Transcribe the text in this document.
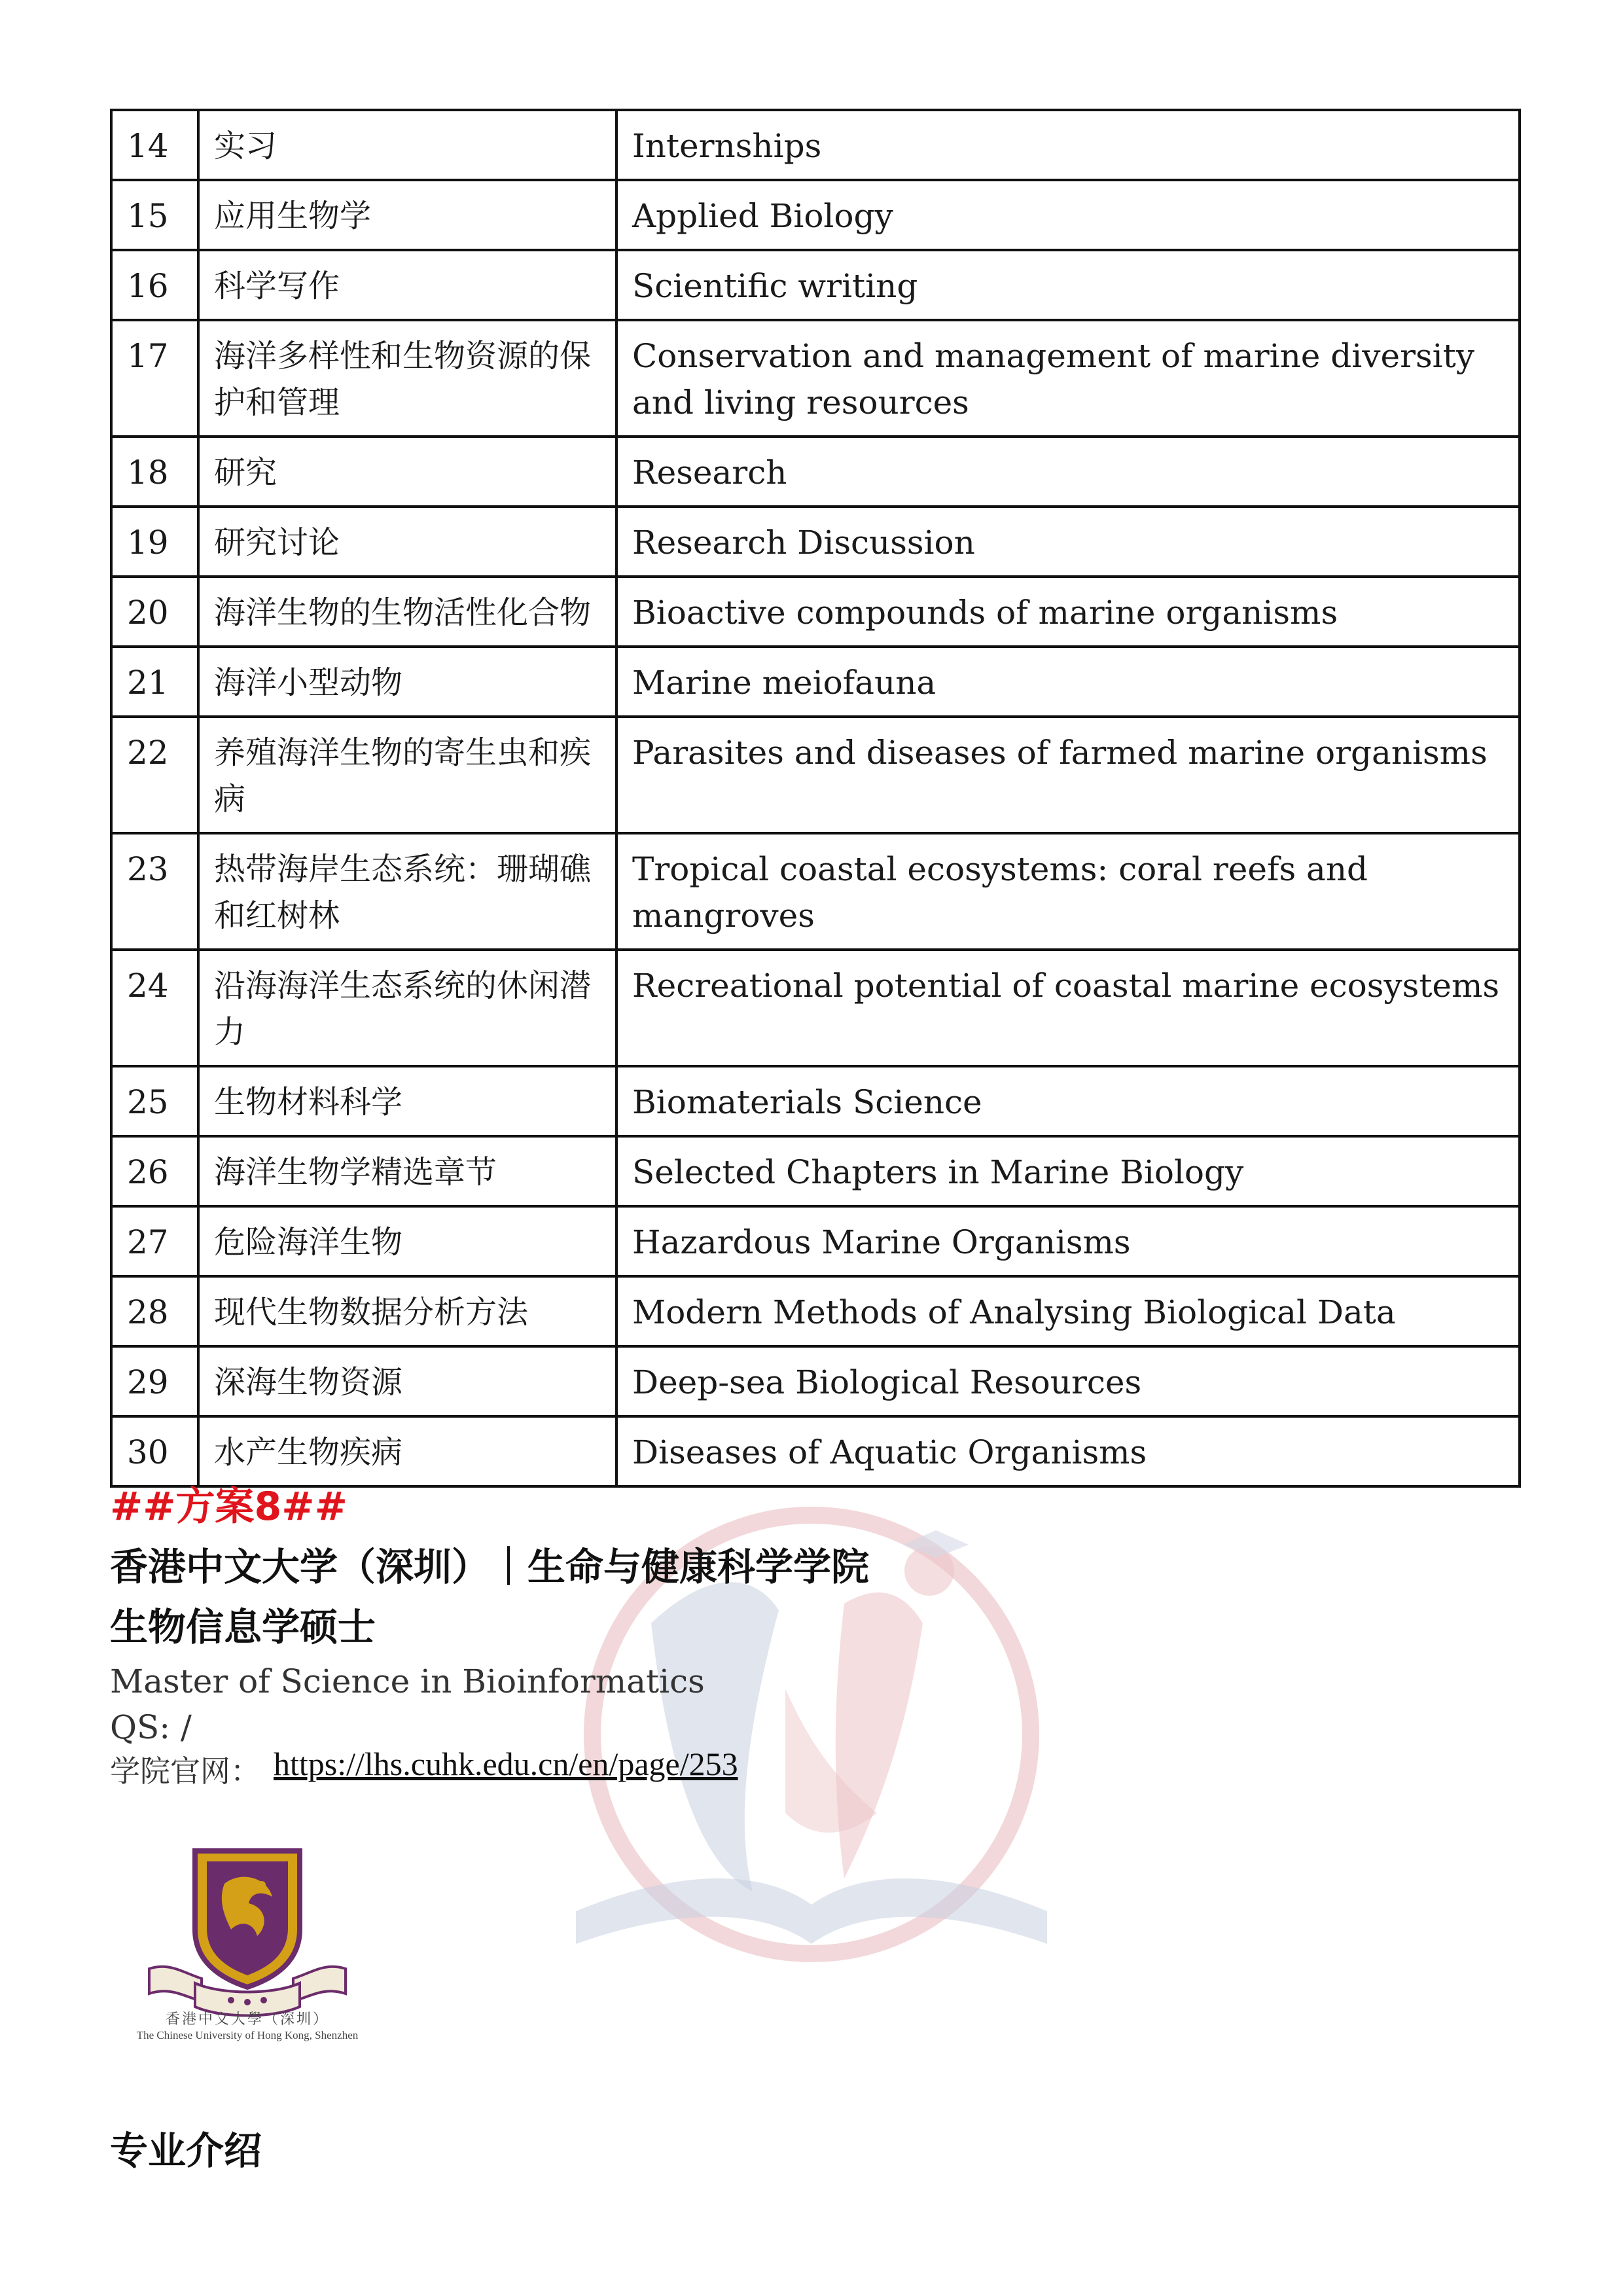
14	实习	Internships
15	应用生物学	Applied Biology
16	科学写作	Scientific writing
17	海洋多样性和生物资源的保护和管理	Conservation and management of marine diversity and living resources
18	研究	Research
19	研究讨论	Research Discussion
20	海洋生物的生物活性化合物	Bioactive compounds of marine organisms
21	海洋小型动物	Marine meiofauna
22	养殖海洋生物的寄生虫和疾病	Parasites and diseases of farmed marine organisms
23	热带海岸生态系统：珊瑚礁和红树林	Tropical coastal ecosystems: coral reefs and mangroves
24	沿海海洋生态系统的休闲潜力	Recreational potential of coastal marine ecosystems
25	生物材料科学	Biomaterials Science
26	海洋生物学精选章节	Selected Chapters in Marine Biology
27	危险海洋生物	Hazardous Marine Organisms
28	现代生物数据分析方法	Modern Methods of Analysing Biological Data
29	深海生物资源	Deep-sea Biological Resources
30	水产生物疾病	Diseases of Aquatic Organisms
##方案8##
香港中文大学（深圳）｜生命与健康科学学院
生物信息学硕士
Master of Science in Bioinformatics
QS: /
学院官网： https://lhs.cuhk.edu.cn/en/page/253
香港中文大學（深圳）
The Chinese University of Hong Kong, Shenzhen
专业介绍
